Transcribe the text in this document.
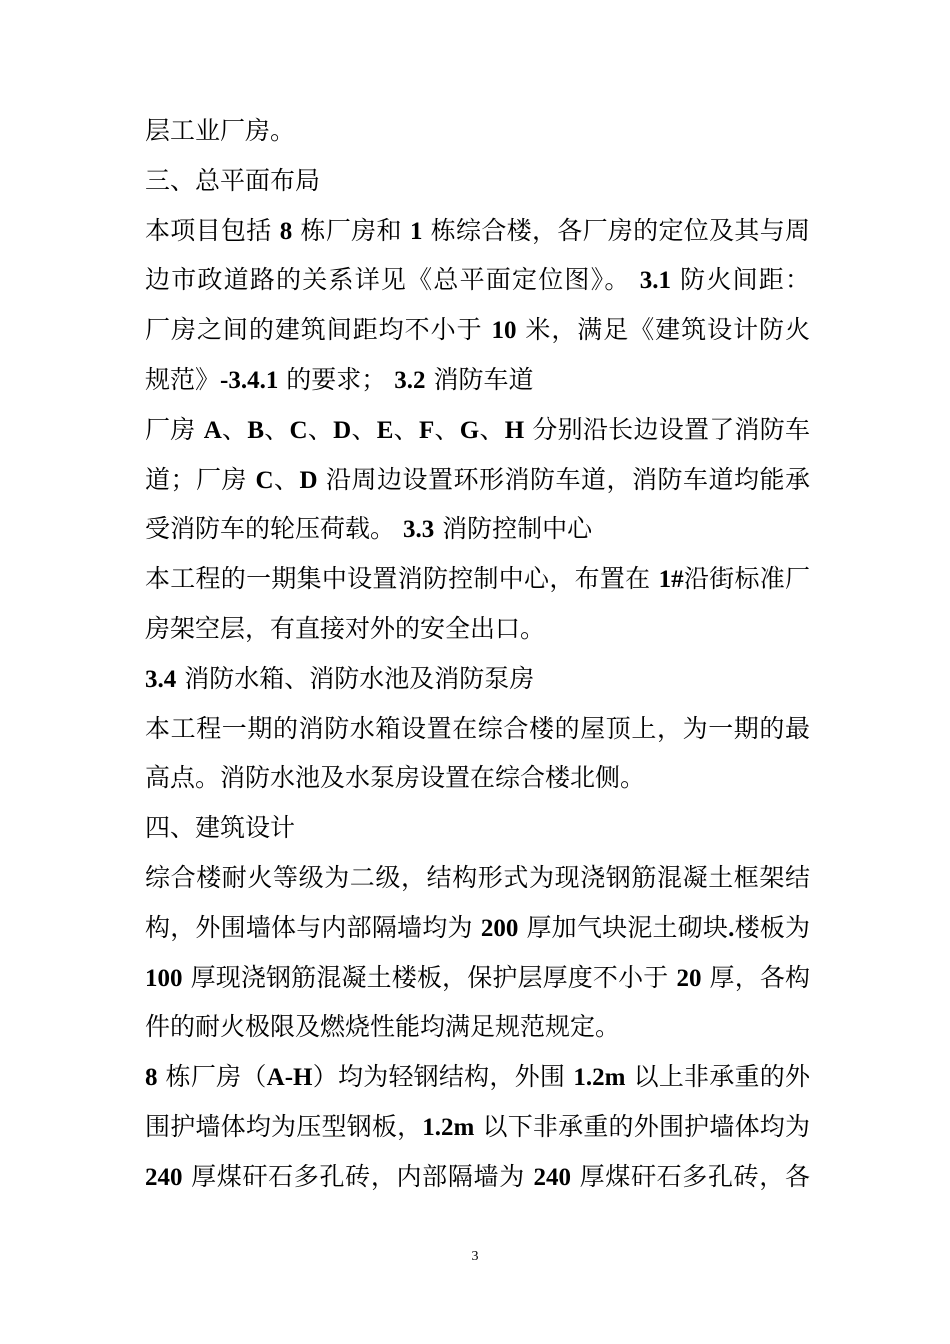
层工业厂房。
三、总平面布局
本项目包括 8 栋厂房和 1 栋综合楼，各厂房的定位及其与周
边市政道路的关系详见《总平面定位图》。 3.1 防火间距：
厂房之间的建筑间距均不小于 10 米，满足《建筑设计防火
规范》-3.4.1 的要求； 3.2 消防车道
厂房 A、B、C、D、E、F、G、H 分别沿长边设置了消防车
道；厂房 C、D 沿周边设置环形消防车道，消防车道均能承
受消防车的轮压荷载。 3.3 消防控制中心
本工程的一期集中设置消防控制中心，布置在 1#沿街标准厂
房架空层，有直接对外的安全出口。
3.4 消防水箱、消防水池及消防泵房
本工程一期的消防水箱设置在综合楼的屋顶上，为一期的最
高点。消防水池及水泵房设置在综合楼北侧。
四、建筑设计
综合楼耐火等级为二级，结构形式为现浇钢筋混凝土框架结
构，外围墙体与内部隔墙均为 200 厚加气块泥土砌块.楼板为
100 厚现浇钢筋混凝土楼板，保护层厚度不小于 20 厚，各构
件的耐火极限及燃烧性能均满足规范规定。
8 栋厂房（A-H）均为轻钢结构，外围 1.2m 以上非承重的外
围护墙体均为压型钢板，1.2m 以下非承重的外围护墙体均为
240 厚煤矸石多孔砖，内部隔墙为 240 厚煤矸石多孔砖，各
3
